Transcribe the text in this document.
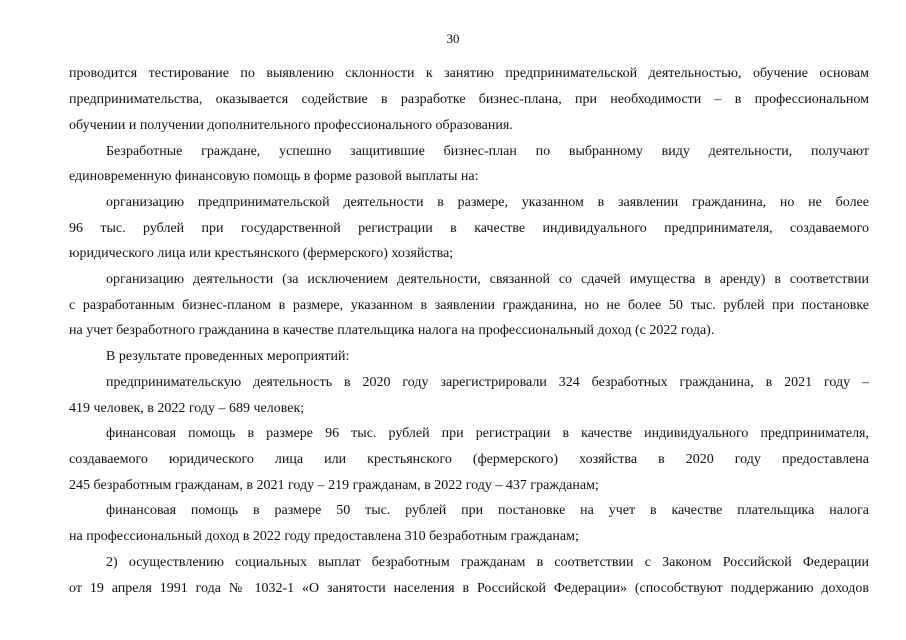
30
проводится тестирование по выявлению склонности к занятию предпринимательской деятельностью, обучение основам
предпринимательства, оказывается содействие в разработке бизнес-плана, при необходимости – в профессиональном
обучении и получении дополнительного профессионального образования.
Безработные граждане, успешно защитившие бизнес-план по выбранному виду деятельности, получают
единовременную финансовую помощь в форме разовой выплаты на:
организацию предпринимательской деятельности в размере, указанном в заявлении гражданина, но не более
96 тыс. рублей при государственной регистрации в качестве индивидуального предпринимателя, создаваемого
юридического лица или крестьянского (фермерского) хозяйства;
организацию деятельности (за исключением деятельности, связанной со сдачей имущества в аренду) в соответствии
с разработанным бизнес-планом в размере, указанном в заявлении гражданина, но не более 50 тыс. рублей при постановке
на учет безработного гражданина в качестве плательщика налога на профессиональный доход (с 2022 года).
В результате проведенных мероприятий:
предпринимательскую деятельность в 2020 году зарегистрировали 324 безработных гражданина, в 2021 году –
419 человек, в 2022 году – 689 человек;
финансовая помощь в размере 96 тыс. рублей при регистрации в качестве индивидуального предпринимателя,
создаваемого юридического лица или крестьянского (фермерского) хозяйства в 2020 году предоставлена
245 безработным гражданам, в 2021 году – 219 гражданам, в 2022 году – 437 гражданам;
финансовая помощь в размере 50 тыс. рублей при постановке на учет в качестве плательщика налога
на профессиональный доход в 2022 году предоставлена 310 безработным гражданам;
2) осуществлению социальных выплат безработным гражданам в соответствии с Законом Российской Федерации
от 19 апреля 1991 года № 1032-1 «О занятости населения в Российской Федерации» (способствуют поддержанию доходов
